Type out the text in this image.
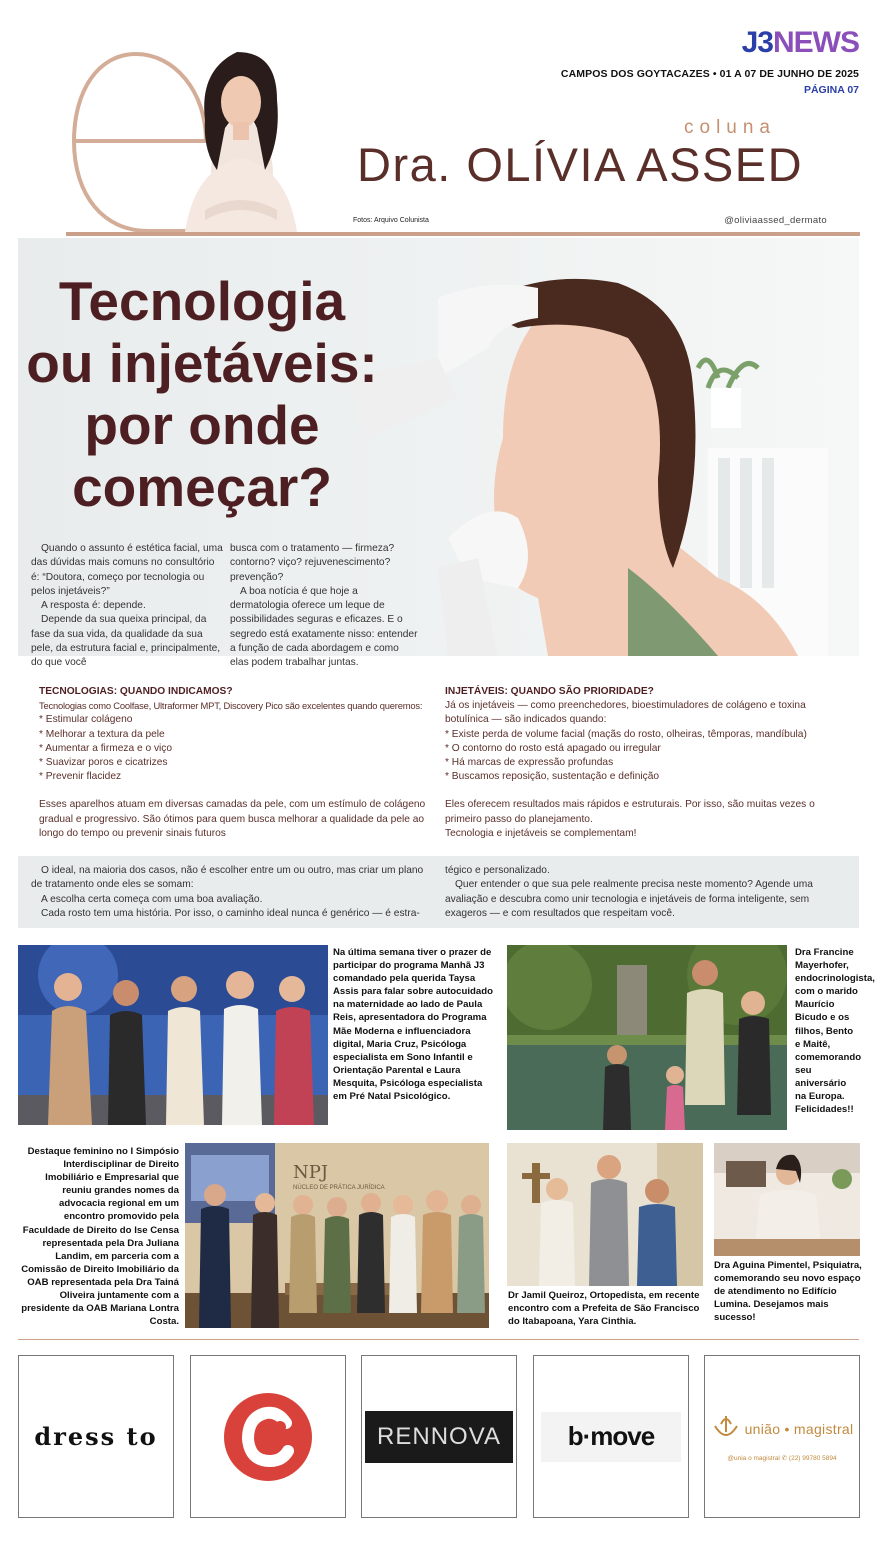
J3NEWS
CAMPOS DOS GOYTACAZES • 01 A 07 DE JUNHO DE 2025
PÁGINA 07
coluna
Dra. OLÍVIA ASSED
Fotos: Arquivo Colunista	@oliviaassed_dermato
Tecnologia
ou injetáveis:
por onde
começar?

Quando o assunto é estética facial, uma das dúvidas mais comuns no consultório é: “Doutora, começo por tecnologia ou pelos injetáveis?”

A resposta é: depende.

Depende da sua queixa principal, da fase da sua vida, da qualidade da sua pele, da estrutura facial e, principalmente, do que você

busca com o tratamento — firmeza? contorno? viço? rejuvenescimento? prevenção?

A boa notícia é que hoje a dermatologia oferece um leque de possibilidades seguras e eficazes. E o segredo está exatamente nisso: entender a função de cada abordagem e como elas podem trabalhar juntas.

TECNOLOGIAS: QUANDO INDICAMOS?
Tecnologias como Coolfase, Ultraformer MPT, Discovery Pico são excelentes quando queremos:
* Estimular colágeno
* Melhorar a textura da pele
* Aumentar a firmeza e o viço
* Suavizar poros e cicatrizes
* Prevenir flacidez
Esses aparelhos atuam em diversas camadas da pele, com um estímulo de colágeno gradual e progressivo. São ótimos para quem busca melhorar a qualidade da pele ao longo do tempo ou prevenir sinais futuros
INJETÁVEIS: QUANDO SÃO PRIORIDADE?
Já os injetáveis — como preenchedores, bioestimuladores de colágeno e toxina botulínica — são indicados quando:
* Existe perda de volume facial (maçãs do rosto, olheiras, têmporas, mandíbula)
* O contorno do rosto está apagado ou irregular
* Há marcas de expressão profundas
* Buscamos reposição, sustentação e definição
Eles oferecem resultados mais rápidos e estruturais. Por isso, são muitas vezes o primeiro passo do planejamento.
Tecnologia e injetáveis se complementam!

O ideal, na maioria dos casos, não é escolher entre um ou outro, mas criar um plano de tratamento onde eles se somam:

A escolha certa começa com uma boa avaliação.

Cada rosto tem uma história. Por isso, o caminho ideal nunca é genérico — é estra-

tégico e personalizado.

Quer entender o que sua pele realmente precisa neste momento? Agende uma avaliação e descubra como unir tecnologia e injetáveis de forma inteligente, sem exageros — e com resultados que respeitam você.

Na última semana tiver o prazer de participar do programa Manhã J3 comandado pela querida Taysa Assis para falar sobre autocuidado na maternidade ao lado de Paula Reis, apresentadora do Programa Mãe Moderna e influenciadora digital, Maria Cruz, Psicóloga especialista em Sono Infantil e Orientação Parental e Laura Mesquita, Psicóloga especialista em Pré Natal Psicológico.
Dra Francine Mayerhofer, endocrinologista, com o marido Maurício Bicudo e os filhos, Bento e Maitê, comemorando seu aniversário na Europa. Felicidades!!
Destaque feminino no I Simpósio Interdisciplinar de Direito Imobiliário e Empresarial que reuniu grandes nomes da advocacia regional em um encontro promovido pela Faculdade de Direito do Ise Censa representada pela Dra Juliana Landim, em parceria com a Comissão de Direito Imobiliário da OAB representada pela Dra Tainá Oliveira juntamente com a presidente da OAB Mariana Lontra Costa.
NPJ
NÚCLEO DE PRÁTICA JURÍDICA
Dr Jamil Queiroz, Ortopedista, em recente encontro com a Prefeita de São Francisco do Itabapoana, Yara Cinthia.
Dra Aguina Pimentel, Psiquiatra, comemorando seu novo espaço de atendimento no Edifício Lumina. Desejamos mais sucesso!
dress to	RENNOVA	b·move	união • magistral
@unia o magistral ✆ (22) 99780 5894
